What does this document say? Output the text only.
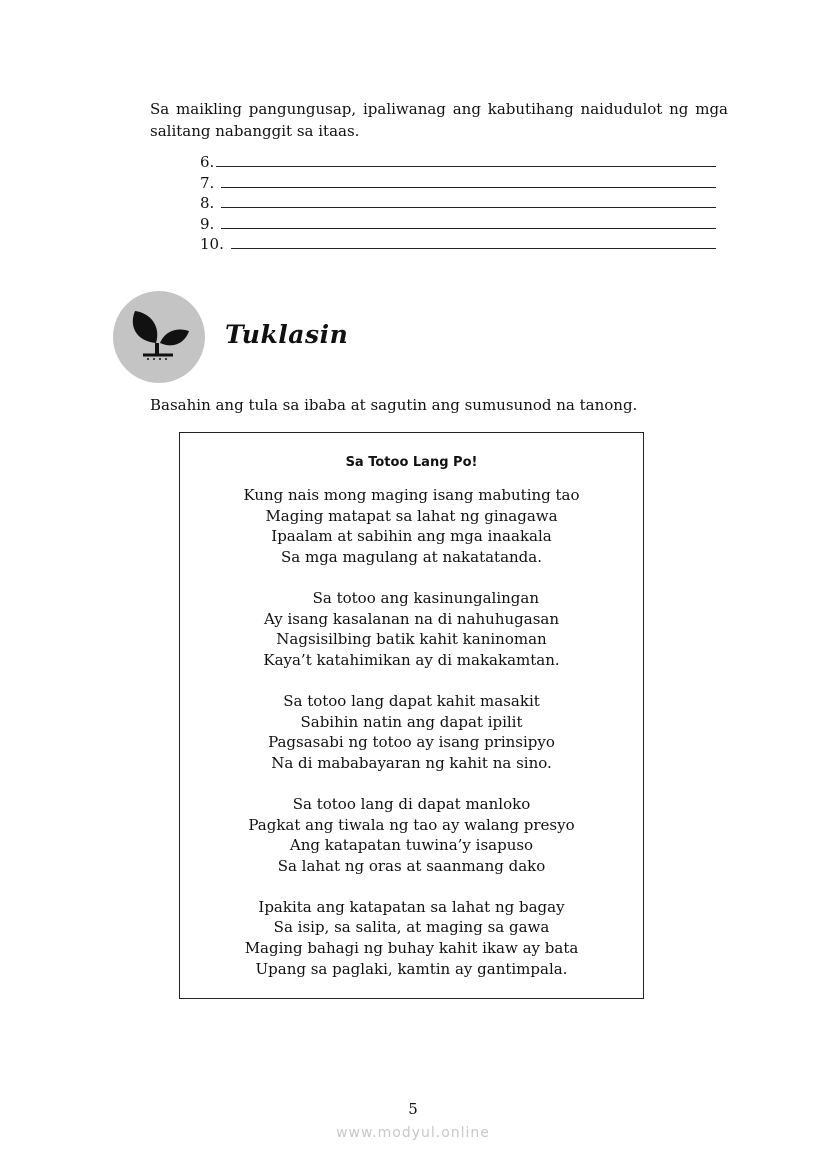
Sa maikling pangungusap, ipaliwanag ang kabutihang naidudulot ng mga salitang nabanggit sa itaas.
6.
7.
8.
9.
10.
Tuklasin
Basahin ang tula sa ibaba at sagutin ang sumusunod na tanong.
Sa Totoo Lang Po!
Kung nais mong maging isang mabuting tao
Maging matapat sa lahat ng ginagawa
Ipaalam at sabihin ang mga inaakala
Sa mga magulang at nakatatanda.
Sa totoo ang kasinungalingan
Ay isang kasalanan na di nahuhugasan
Nagsisilbing batik kahit kaninoman
Kaya’t katahimikan ay di makakamtan.
Sa totoo lang dapat kahit masakit
Sabihin natin ang dapat ipilit
Pagsasabi ng totoo ay isang prinsipyo
Na di mababayaran ng kahit na sino.
Sa totoo lang di dapat manloko
Pagkat ang tiwala ng tao ay walang presyo
Ang katapatan tuwina’y isapuso
Sa lahat ng oras at saanmang dako
Ipakita ang katapatan sa lahat ng bagay
Sa isip, sa salita, at maging sa gawa
Maging bahagi ng buhay kahit ikaw ay bata
Upang sa paglaki, kamtin ay gantimpala.
5
www.modyul.online
